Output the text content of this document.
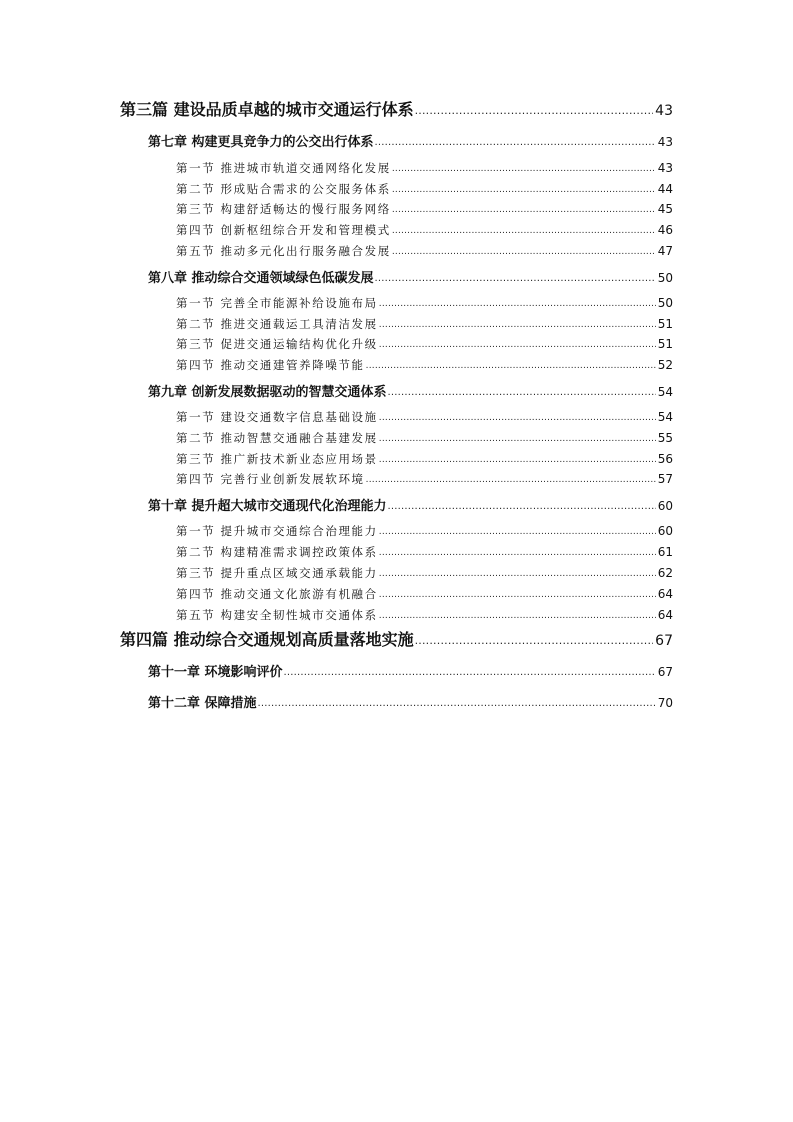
第三篇 建设品质卓越的城市交通运行体系 .....	43
第七章 构建更具竞争力的公交出行体系 .....	43
第一节 推进城市轨道交通网络化发展 .....	43
第二节 形成贴合需求的公交服务体系 .....	44
第三节 构建舒适畅达的慢行服务网络 .....	45
第四节 创新枢纽综合开发和管理模式 .....	46
第五节 推动多元化出行服务融合发展 .....	47
第八章 推动综合交通领域绿色低碳发展 .....	50
第一节 完善全市能源补给设施布局 .....	50
第二节 推进交通载运工具清洁发展 .....	51
第三节 促进交通运输结构优化升级 .....	51
第四节 推动交通建管养降噪节能 .....	52
第九章 创新发展数据驱动的智慧交通体系 .....	54
第一节 建设交通数字信息基础设施 .....	54
第二节 推动智慧交通融合基建发展 .....	55
第三节 推广新技术新业态应用场景 .....	56
第四节 完善行业创新发展软环境 .....	57
第十章 提升超大城市交通现代化治理能力 .....	60
第一节 提升城市交通综合治理能力 .....	60
第二节 构建精准需求调控政策体系 .....	61
第三节 提升重点区域交通承载能力 .....	62
第四节 推动交通文化旅游有机融合 .....	64
第五节 构建安全韧性城市交通体系 .....	64
第四篇 推动综合交通规划高质量落地实施 .....	67
第十一章 环境影响评价 .....	67
第十二章 保障措施 .....	70
